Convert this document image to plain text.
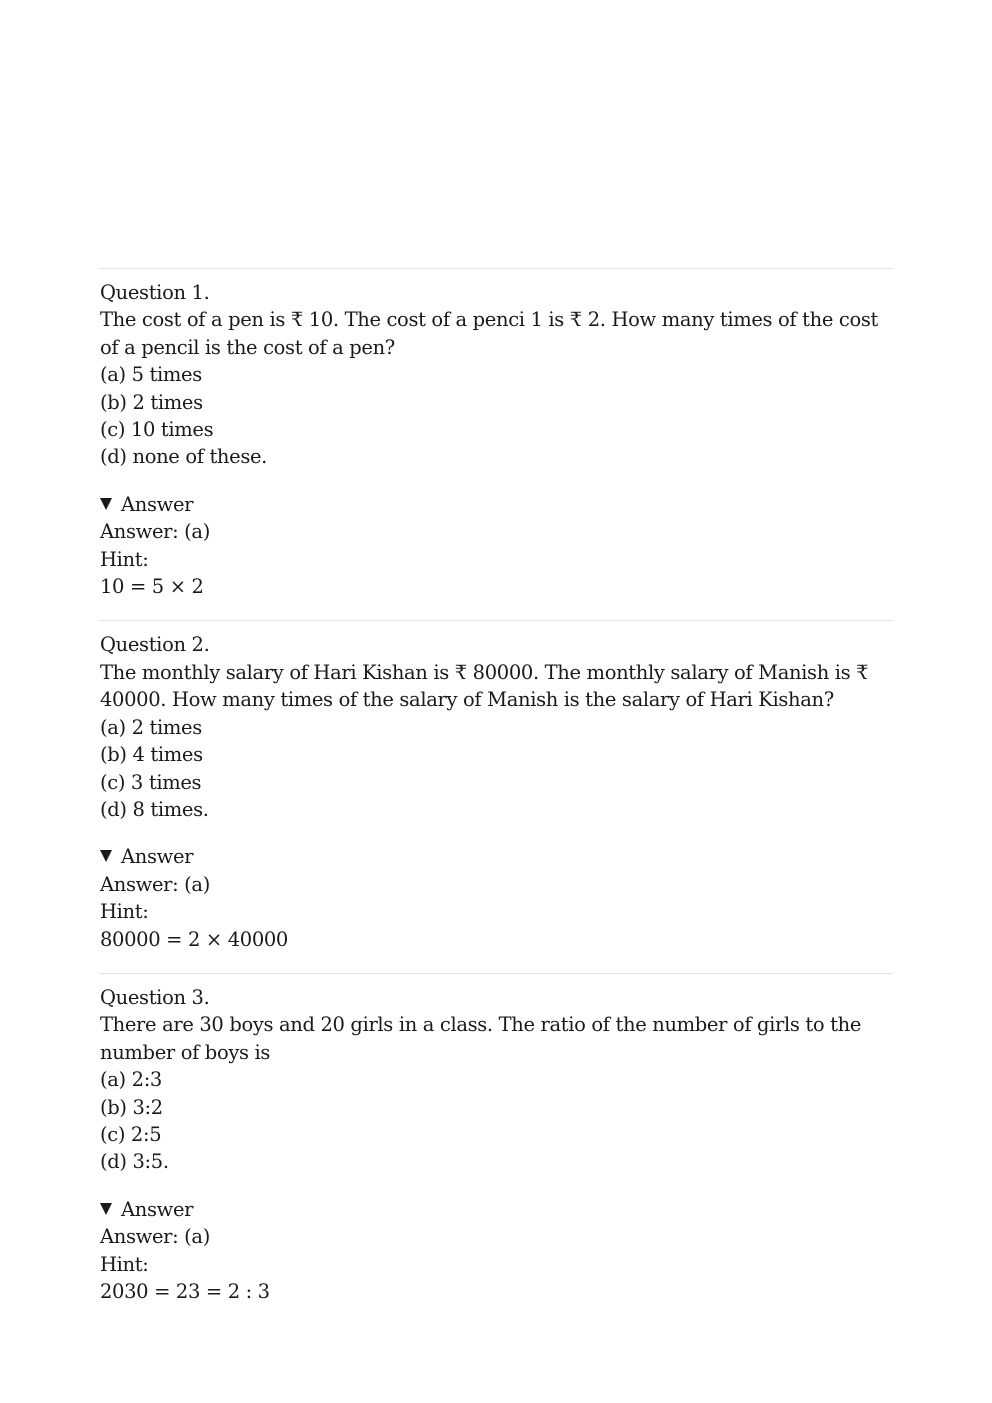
Question 1.
The cost of a pen is ₹ 10. The cost of a penci 1 is ₹ 2. How many times of the cost of a pencil is the cost of a pen?
(a) 5 times
(b) 2 times
(c) 10 times
(d) none of these.
Answer
Answer: (a)
Hint:
10 = 5 × 2
Question 2.
The monthly salary of Hari Kishan is ₹ 80000. The monthly salary of Manish is ₹ 40000. How many times of the salary of Manish is the salary of Hari Kishan?
(a) 2 times
(b) 4 times
(c) 3 times
(d) 8 times.
Answer
Answer: (a)
Hint:
80000 = 2 × 40000
Question 3.
There are 30 boys and 20 girls in a class. The ratio of the number of girls to the number of boys is
(a) 2:3
(b) 3:2
(c) 2:5
(d) 3:5.
Answer
Answer: (a)
Hint:
2030 = 23 = 2 : 3
